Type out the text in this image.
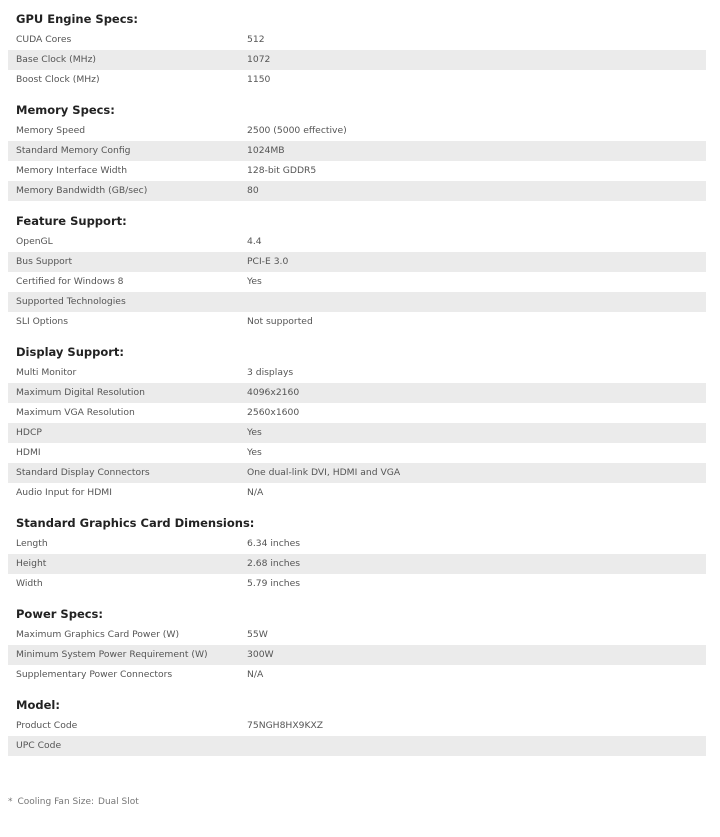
GPU Engine Specs:
CUDA Cores	512
Base Clock (MHz)	1072
Boost Clock (MHz)	1150
Memory Specs:
Memory Speed	2500 (5000 effective)
Standard Memory Config	1024MB
Memory Interface Width	128-bit GDDR5
Memory Bandwidth (GB/sec)	80
Feature Support:
OpenGL	4.4
Bus Support	PCI-E 3.0
Certified for Windows 8	Yes
Supported Technologies	
SLI Options	Not supported
Display Support:
Multi Monitor	3 displays
Maximum Digital Resolution	4096x2160
Maximum VGA Resolution	2560x1600
HDCP	Yes
HDMI	Yes
Standard Display Connectors	One dual-link DVI, HDMI and VGA
Audio Input for HDMI	N/A
Standard Graphics Card Dimensions:
Length	6.34 inches
Height	2.68 inches
Width	5.79 inches
Power Specs:
Maximum Graphics Card Power (W)	55W
Minimum System Power Requirement (W)	300W
Supplementary Power Connectors	N/A
Model:
Product Code	75NGH8HX9KXZ
UPC Code	
* Cooling Fan Size: Dual Slot
